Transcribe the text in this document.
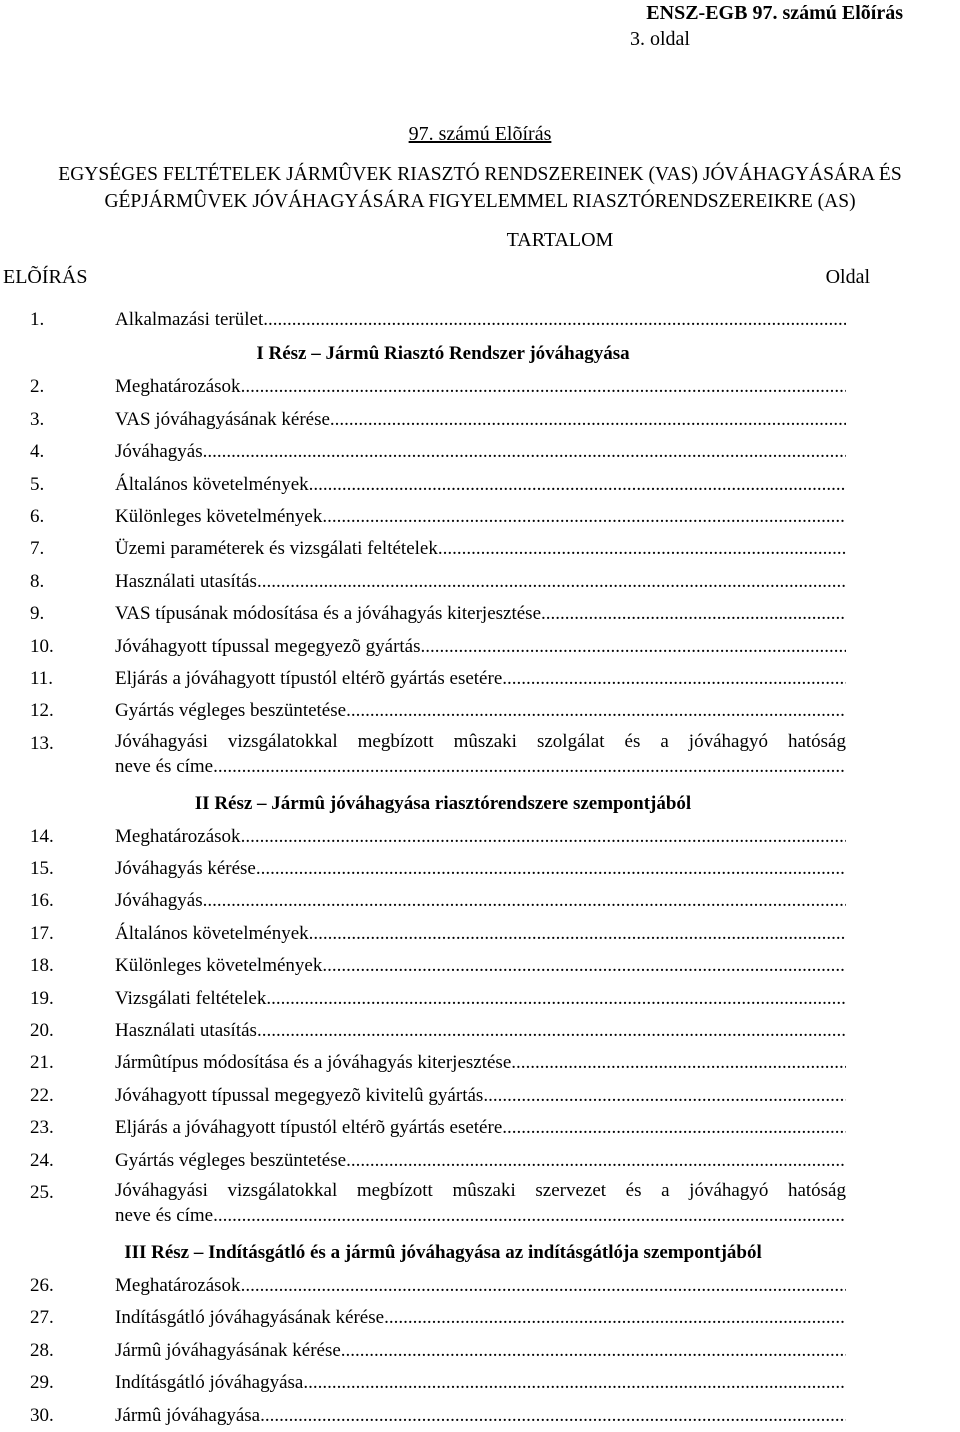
ENSZ-EGB 97. számú Elõírás
3. oldal
97. számú Elõírás
EGYSÉGES FELTÉTELEK JÁRMÛVEK RIASZTÓ RENDSZEREINEK (VAS) JÓVÁHAGYÁSÁRA ÉS
GÉPJÁRMÛVEK JÓVÁHAGYÁSÁRA FIGYELEMMEL RIASZTÓRENDSZEREIKRE (AS)
TARTALOM
ELÕÍRÁS	Oldal
1.	Alkalmazási terület
.....
I Rész – Jármû Riasztó Rendszer jóváhagyása
2.	Meghatározások
.....
3.	VAS jóváhagyásának kérése
.....
4.	Jóváhagyás
.....
5.	Általános követelmények
.....
6.	Különleges követelmények
.....
7.	Üzemi paraméterek és vizsgálati feltételek
.....
8.	Használati utasítás
.....
9.	VAS típusának módosítása és a jóváhagyás kiterjesztése
.....
10.	Jóváhagyott típussal megegyezõ gyártás
.....
11.	Eljárás a jóváhagyott típustól eltérõ gyártás esetére
.....
12.	Gyártás végleges beszüntetése
.....
13.	Jóváhagyási vizsgálatokkal megbízott mûszaki szolgálat és a jóváhagyó hatóság
neve és címe
.....
II Rész – Jármû jóváhagyása riasztórendszere szempontjából
14.	Meghatározások
.....
15.	Jóváhagyás kérése
.....
16.	Jóváhagyás
.....
17.	Általános követelmények
.....
18.	Különleges követelmények
.....
19.	Vizsgálati feltételek
.....
20.	Használati utasítás
.....
21.	Jármûtípus módosítása és a jóváhagyás kiterjesztése
.....
22.	Jóváhagyott típussal megegyezõ kivitelû gyártás
.....
23.	Eljárás a jóváhagyott típustól eltérõ gyártás esetére
.....
24.	Gyártás végleges beszüntetése
.....
25.	Jóváhagyási vizsgálatokkal megbízott mûszaki szervezet és a jóváhagyó hatóság
neve és címe
.....
III Rész – Indításgátló és a jármû jóváhagyása az indításgátlója szempontjából
26.	Meghatározások
.....
27.	Indításgátló jóváhagyásának kérése
.....
28.	Jármû jóváhagyásának kérése
.....
29.	Indításgátló jóváhagyása
.....
30.	Jármû jóváhagyása
.....
